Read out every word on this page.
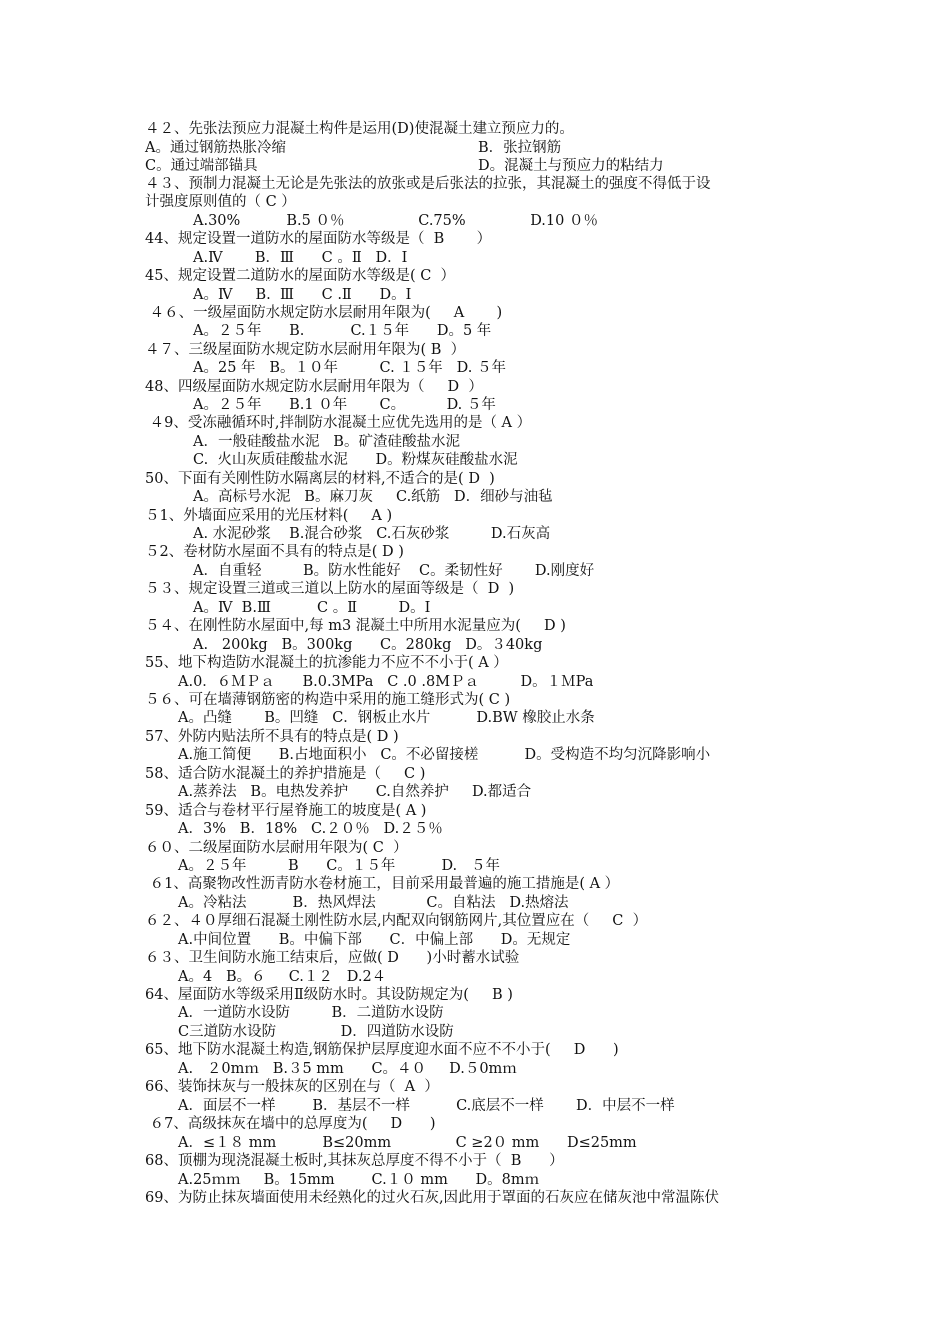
４２、先张法预应力混凝土构件是运用(D)使混凝土建立预应力的。
A。通过钢筋热胀冷缩	B．张拉钢筋
C。通过端部锚具	D。混凝土与预应力的粘结力
４３、预制力混凝土无论是先张法的放张或是后张法的拉张，其混凝土的强度不得低于设
计强度原则值的（ C ）
A.30%          B.5 ０％                C.75%              D.10 ０％
44、规定设置一道防水的屋面防水等级是（  B       ）
A.Ⅳ       B．Ⅲ      C 。Ⅱ   D．Ⅰ
45、规定设置二道防水的屋面防水等级是( C  ）
A。Ⅳ     B.  Ⅲ      C .Ⅱ      D。Ⅰ
４６、一级屋面防水规定防水层耐用年限为(     A       )
A。２５年      B.          C.１５年      D。5 年
４７、三级屋面防水规定防水层耐用年限为( B  ）
A。25 年   B。１０年         C. １５年   D. ５年
48、四级屋面防水规定防水层耐用年限为（     D  ）
A。２５年      B.1 ０年       C。         D. ５年
４9、受冻融循环时,拌制防水混凝土应优先选用的是（ A ）
A．一般硅酸盐水泥   B。矿渣硅酸盐水泥
C.  火山灰质硅酸盐水泥      D。粉煤灰硅酸盐水泥
50、下面有关刚性防水隔离层的材料,不适合的是( D  )
A。高标号水泥   B。麻刀灰     C.纸筋   D．细砂与油毡
５1、外墙面应采用的光压材料(     A )
A. 水泥砂浆    B.混合砂浆   C.石灰砂浆         D.石灰高
５2、卷材防水屋面不具有的特点是( D )
A．自重轻         B。防水性能好    C。柔韧性好       D.刚度好
５３、规定设置三道或三道以上防水的屋面等级是（  D  )
A。Ⅳ  B.Ⅲ          C 。Ⅱ         D。Ⅰ
５４、在刚性防水屋面中,每 m3 混凝土中所用水泥量应为(     D )
A.   200kg   B。300kg      C。280kg   D。３40kg
55、地下构造防水混凝土的抗渗能力不应不不小于( A ）
A.0．６ＭＰａ      B.0.3MPa   C .0 .8MＰａ         D。１ＭPa
５６、可在墙薄钢筋密的构造中采用的施工缝形式为( C )
A。凸缝       B。凹缝   C．钢板止水片          D.BW 橡胶止水条
57、外防内贴法所不具有的特点是( D )
A.施工简便      B.占地面积小   C。不必留接槎          D。受构造不均匀沉降影响小
58、适合防水混凝土的养护措施是（     C )
A.蒸养法   B。电热发养护      C.自然养护     D.都适合
59、适合与卷材平行屋脊施工的坡度是( A )
A．3%   B．18%   C.２０％   D.２５％
６０、二级屋面防水层耐用年限为( C  ）
A。２５年         B      C。１５年          D.   ５年
６1、高聚物改性沥青防水卷材施工，目前采用最普遍的施工措施是( A ）
A。冷粘法          B．热风焊法           C。自粘法   D.热熔法
６２、４０厚细石混凝土刚性防水层,内配双向钢筋网片,其位置应在（     C  ）
A.中间位置      B。中偏下部      C．中偏上部      D。无规定
６３、卫生间防水施工结束后，应做( D      )小时蓄水试验
A。4   B。６     C.１２   D.2４
64、屋面防水等级采用Ⅱ级防水时。其设防规定为(     B )
A．一道防水设防         B．二道防水设防
C三道防水设防              D．四道防水设防
65、地下防水混凝土构造,钢筋保护层厚度迎水面不应不不小于(     D      )
A.   ２0mｍ   B.３5 mm      C。４０     D.５0mｍ
66、装饰抹灰与一般抹灰的区别在与（  A  ）
A．面层不一样        B．基层不一样          C.底层不一样       D．中层不一样
６7、高级抹灰在墙中的总厚度为(     D      )
A．≤１８ mm          B≤20mm              C ≥2０ mm      D≤25mm
68、顶棚为现浇混凝土板时,其抹灰总厚度不得不小于（  B      ）
A.25ｍｍ     B。15mm        C.１０ mm      D。8mｍ
69、为防止抹灰墙面使用未经熟化的过火石灰,因此用于罩面的石灰应在储灰池中常温陈伏
